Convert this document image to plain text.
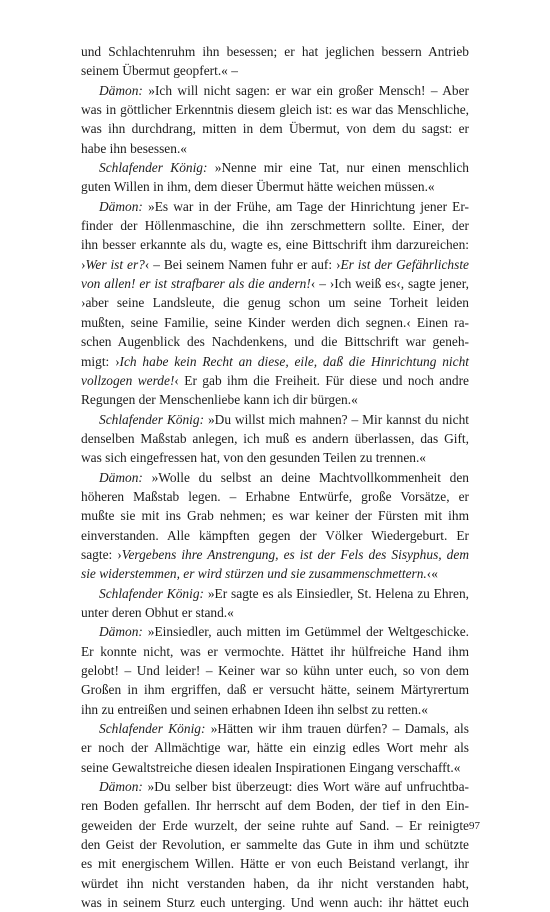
und Schlachtenruhm ihn besessen; er hat jeglichen bessern Antrieb
seinem Übermut geopfert.« –
Dämon: »Ich will nicht sagen: er war ein großer Mensch! – Aber
was in göttlicher Erkenntnis diesem gleich ist: es war das Menschliche,
was ihn durchdrang, mitten in dem Übermut, von dem du sagst: er
habe ihn besessen.«
Schlafender König: »Nenne mir eine Tat, nur einen menschlich
guten Willen in ihm, dem dieser Übermut hätte weichen müssen.«
Dämon: »Es war in der Frühe, am Tage der Hinrichtung jener Er-
finder der Höllenmaschine, die ihn zerschmettern sollte. Einer, der
ihn besser erkannte als du, wagte es, eine Bittschrift ihm darzureichen:
›Wer ist er?‹ – Bei seinem Namen fuhr er auf: ›Er ist der Gefährlichste
von allen! er ist strafbarer als die andern!‹ – ›Ich weiß es‹, sagte jener,
›aber seine Landsleute, die genug schon um seine Torheit leiden
mußten, seine Familie, seine Kinder werden dich segnen.‹ Einen ra-
schen Augenblick des Nachdenkens, und die Bittschrift war geneh-
migt: ›Ich habe kein Recht an diese, eile, daß die Hinrichtung nicht
vollzogen werde!‹ Er gab ihm die Freiheit. Für diese und noch andre
Regungen der Menschenliebe kann ich dir bürgen.«
Schlafender König: »Du willst mich mahnen? – Mir kannst du nicht
denselben Maßstab anlegen, ich muß es andern überlassen, das Gift,
was sich eingefressen hat, von den gesunden Teilen zu trennen.«
Dämon: »Wolle du selbst an deine Machtvollkommenheit den
höheren Maßstab legen. – Erhabne Entwürfe, große Vorsätze, er
mußte sie mit ins Grab nehmen; es war keiner der Fürsten mit ihm
einverstanden. Alle kämpften gegen der Völker Wiedergeburt. Er
sagte: ›Vergebens ihre Anstrengung, es ist der Fels des Sisyphus, dem
sie widerstemmen, er wird stürzen und sie zusammenschmettern.‹«
Schlafender König: »Er sagte es als Einsiedler, St. Helena zu Ehren,
unter deren Obhut er stand.«
Dämon: »Einsiedler, auch mitten im Getümmel der Weltgeschicke.
Er konnte nicht, was er vermochte. Hättet ihr hülfreiche Hand ihm
gelobt! – Und leider! – Keiner war so kühn unter euch, so von dem
Großen in ihm ergriffen, daß er versucht hätte, seinem Märtyrertum
ihn zu entreißen und seinen erhabnen Ideen ihn selbst zu retten.«
Schlafender König: »Hätten wir ihm trauen dürfen? – Damals, als
er noch der Allmächtige war, hätte ein einzig edles Wort mehr als
seine Gewaltstreiche diesen idealen Inspirationen Eingang verschafft.«
Dämon: »Du selber bist überzeugt: dies Wort wäre auf unfruchtba-
ren Boden gefallen. Ihr herrscht auf dem Boden, der tief in den Ein-
geweiden der Erde wurzelt, der seine ruhte auf Sand. – Er reinigte
den Geist der Revolution, er sammelte das Gute in ihm und schützte
es mit energischem Willen. Hätte er von euch Beistand verlangt, ihr
würdet ihn nicht verstanden haben, da ihr nicht verstanden habt,
was in seinem Sturz euch unterging. Und wenn auch: ihr hättet euch
97
